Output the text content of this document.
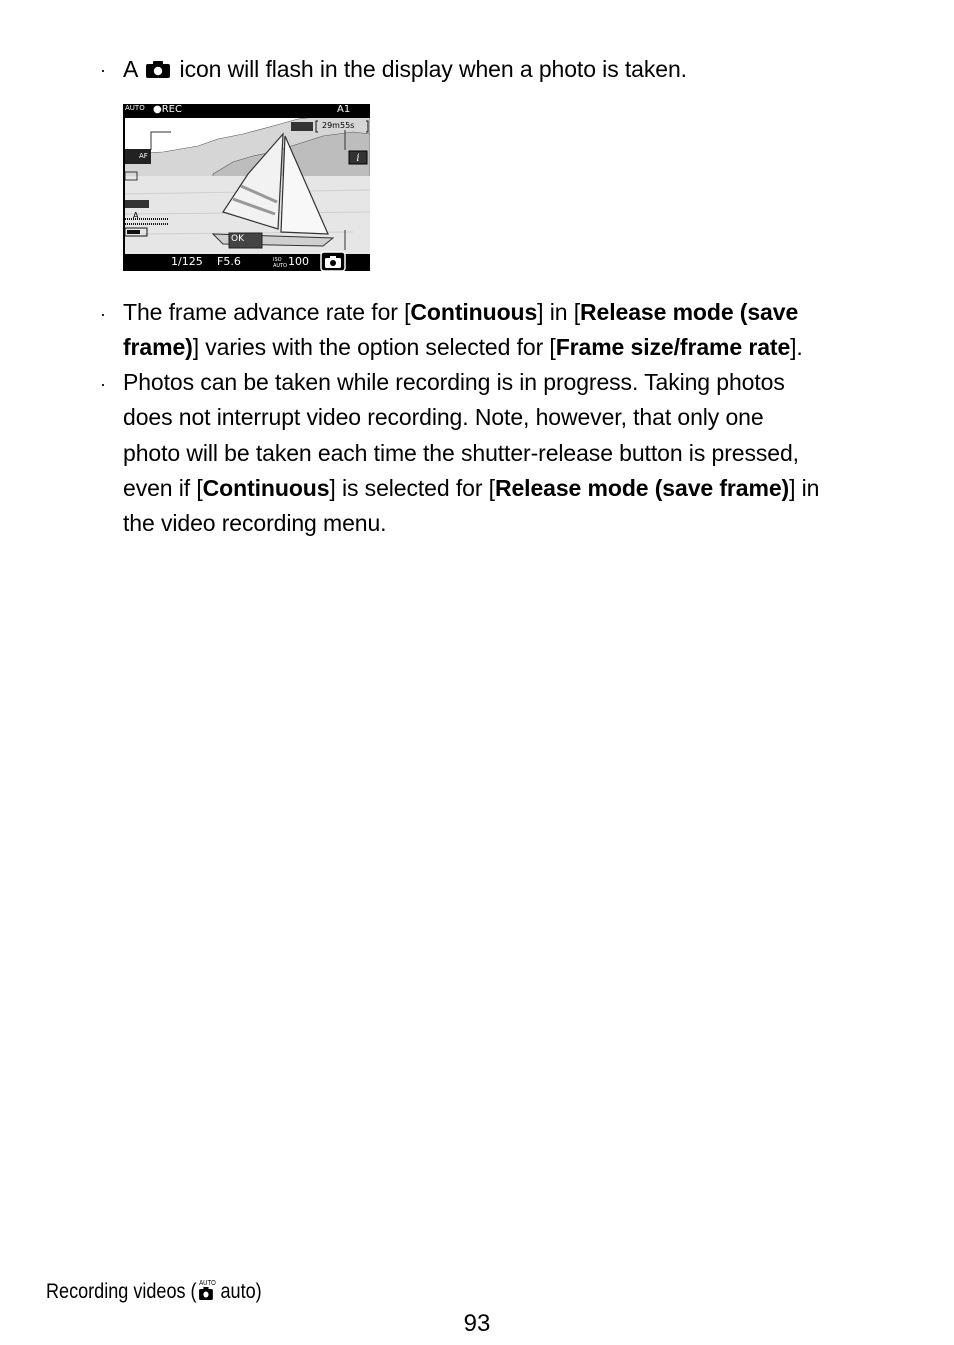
· A  icon will flash in the display when a photo is taken.
· The frame advance rate for [Continuous] in [Release mode (save
frame)] varies with the option selected for [Frame size/frame rate].
· Photos can be taken while recording is in progress. Taking photos
does not interrupt video recording. Note, however, that only one
photo will be taken each time the shutter-release button is pressed,
even if [Continuous] is selected for [Release mode (save frame)] in
the video recording menu.
i
AUTO ●REC	A1
29m55s
AF
A
OK
1/125 F5.6	ISO AUTO 100
Recording videos ( AUTO auto)
93
